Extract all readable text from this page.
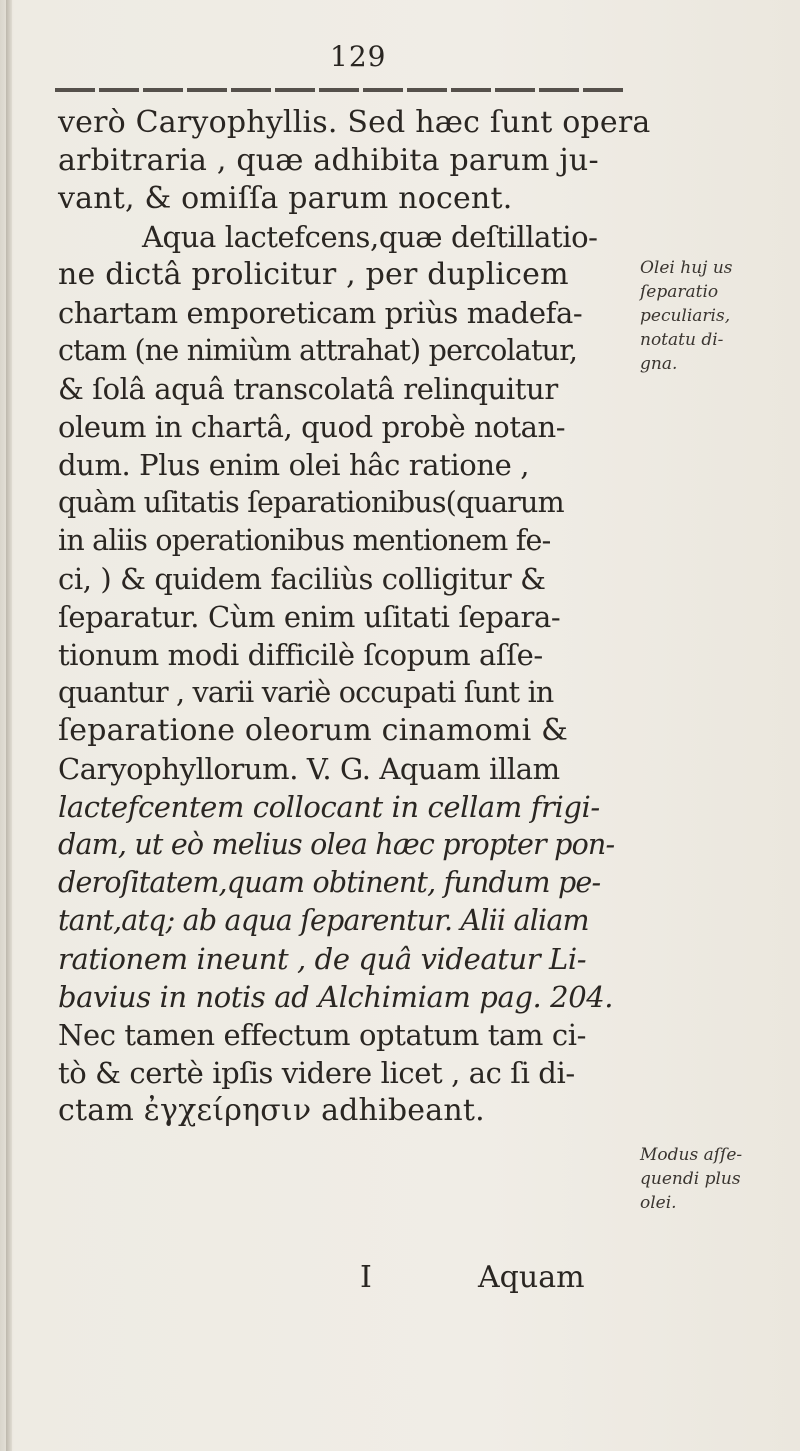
129
verò Caryophyllis. Sed hæc ſunt opera
arbitraria , quæ adhibita parum ju-
vant, & omiſſa parum nocent.
Aqua lactefcens,quæ deſtillatio-
ne dictâ prolicitur , per duplicem
chartam emporeticam priùs madefa-
ctam (ne nimiùm attrahat) percolatur,
& ſolâ aquâ transcolatâ relinquitur
oleum in chartâ, quod probè notan-
dum. Plus enim olei hâc ratione ,
quàm uſitatis ſeparationibus(quarum
in aliis operationibus mentionem fe-
ci, ) & quidem faciliùs colligitur &
ſeparatur. Cùm enim uſitati ſepara-
tionum modi difficilè ſcopum aſſe-
quantur , varii variè occupati ſunt in
ſeparatione oleorum cinamomi &
Caryophyllorum. V. G. Aquam illam
lactefcentem collocant in cellam frigi-
dam, ut eò melius olea hæc propter pon-
deroſitatem,quam obtinent, fundum pe-
tant,atq; ab aqua ſeparentur. Alii aliam
rationem ineunt , de quâ videatur Li-
bavius in notis ad Alchimiam pag. 204.
Nec tamen effectum optatum tam ci-
tò & certè ipſis videre licet , ac ſi di-
ctam ἐγχείρησιν adhibeant.
I	Aquam
Olei huj us
ſeparatio
peculiaris,
notatu di-
gna.
Modus aſſe-
quendi plus
olei.
